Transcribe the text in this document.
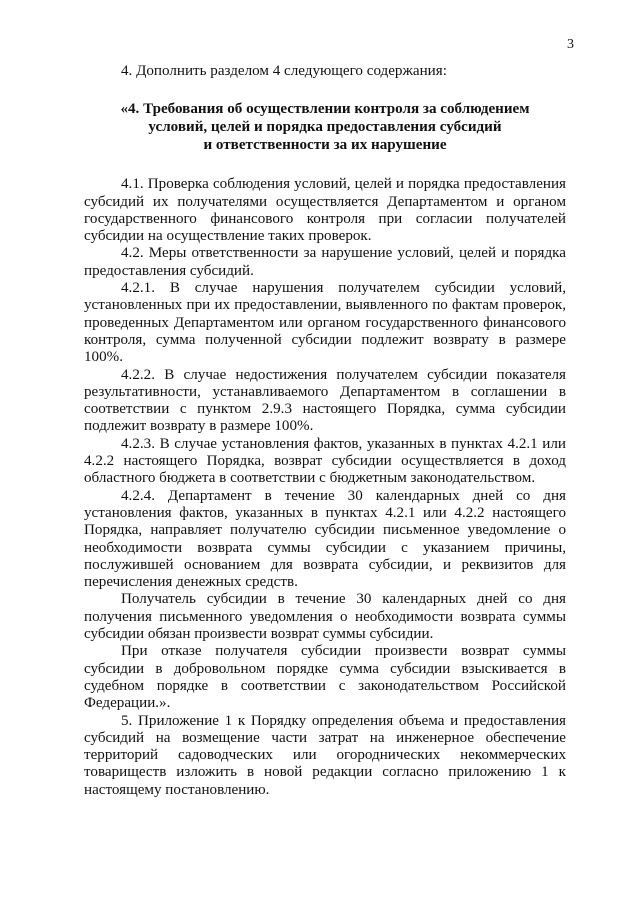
3

4. Дополнить разделом 4 следующего содержания:

«4. Требования об осуществлении контроля за соблюдением
условий, целей и порядка предоставления субсидий
и ответственности за их нарушение

4.1. Проверка соблюдения условий, целей и порядка предоставления субсидий их получателями осуществляется Департаментом и органом государственного финансового контроля при согласии получателей субсидии на осуществление таких проверок.

4.2. Меры ответственности за нарушение условий, целей и порядка предоставления субсидий.

4.2.1. В случае нарушения получателем субсидии условий, установленных при их предоставлении, выявленного по фактам проверок, проведенных Департаментом или органом государственного финансового контроля, сумма полученной субсидии подлежит возврату в размере 100%.

4.2.2. В случае недостижения получателем субсидии показателя результативности, устанавливаемого Департаментом в соглашении в соответствии с пунктом 2.9.3 настоящего Порядка, сумма субсидии подлежит возврату в размере 100%.

4.2.3. В случае установления фактов, указанных в пунктах 4.2.1 или 4.2.2 настоящего Порядка, возврат субсидии осуществляется в доход областного бюджета в соответствии с бюджетным законодательством.

4.2.4. Департамент в течение 30 календарных дней со дня установления фактов, указанных в пунктах 4.2.1 или 4.2.2 настоящего Порядка, направляет получателю субсидии письменное уведомление о необходимости возврата суммы субсидии с указанием причины, послужившей основанием для возврата субсидии, и реквизитов для перечисления денежных средств.

Получатель субсидии в течение 30 календарных дней со дня получения письменного уведомления о необходимости возврата суммы субсидии обязан произвести возврат суммы субсидии.

При отказе получателя субсидии произвести возврат суммы субсидии в добровольном порядке сумма субсидии взыскивается в судебном порядке в соответствии с законодательством Российской Федерации.».

5. Приложение 1 к Порядку определения объема и предоставления субсидий на возмещение части затрат на инженерное обеспечение территорий садоводческих или огороднических некоммерческих товариществ изложить в новой редакции согласно приложению 1 к настоящему постановлению.
